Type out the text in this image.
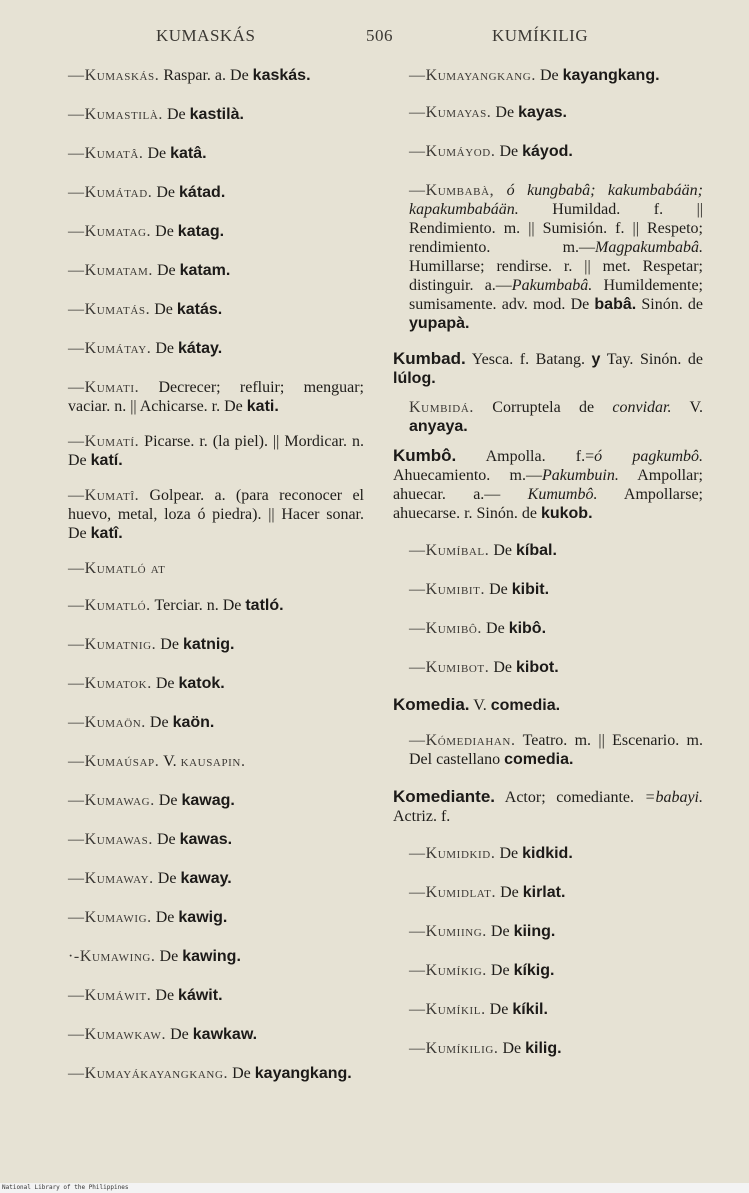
KUMASKÁS	506	KUMÍKILIG

—Kumaskás. Raspar. a. De kaskás.

—Kumastilà. De kastilà.

—Kumatâ. De katâ.

—Kumátad. De kátad.

—Kumatag. De katag.

—Kumatam. De katam.

—Kumatás. De katás.

—Kumátay. De kátay.

—Kumati. Decrecer; refluir; menguar; vaciar. n. || Achicarse. r. De kati.

—Kumatí. Picarse. r. (la piel). || Mordicar. n. De katí.

—Kumatî. Golpear. a. (para reconocer el huevo, metal, loza ó piedra). || Hacer sonar. De katî.

—Kumatló at

—Kumatló. Terciar. n. De tatló.

—Kumatnig. De katnig.

—Kumatok. De katok.

—Kumaön. De kaön.

—Kumaúsap. V. kausapin.

—Kumawag. De kawag.

—Kumawas. De kawas.

—Kumaway. De kaway.

—Kumawig. De kawig.

·-Kumawing. De kawing.

—Kumáwit. De káwit.

—Kumawkaw. De kawkaw.

—Kumayákayangkang. De kayangkang.

—Kumayangkang. De kayangkang.

—Kumayas. De kayas.

—Kumáyod. De káyod.

—Kumbabà, ó kungbabâ; kakumbabáän; kapakumbabáän. Humildad. f. || Rendimiento. m. || Sumisión. f. || Respeto; rendimiento. m.—Magpakumbabâ. Humillarse; rendirse. r. || met. Respetar; distinguir. a.—Pakumbabâ. Humildemente; sumisamente. adv. mod. De babâ. Sinón. de yupapà.

Kumbad. Yesca. f. Batang. y Tay. Sinón. de lúlog.

Kumbidá. Corruptela de convidar. V. anyaya.

Kumbô. Ampolla. f.=ó pagkumbô. Ahuecamiento. m.—Pakumbuin. Ampollar; ahuecar. a.— Kumumbô. Ampollarse; ahuecarse. r. Sinón. de kukob.

—Kumíbal. De kíbal.

—Kumibit. De kibit.

—Kumibô. De kibô.

—Kumibot. De kibot.

Komedia. V. comedia.

—Kómediahan. Teatro. m. || Escenario. m. Del castellano comedia.

Komediante. Actor; comediante. =babayi. Actriz. f.

—Kumidkid. De kidkid.

—Kumidlat. De kirlat.

—Kumiing. De kiing.

—Kumíkig. De kíkig.

—Kumíkil. De kíkil.

—Kumíkilig. De kilig.

National Library of the Philippines
